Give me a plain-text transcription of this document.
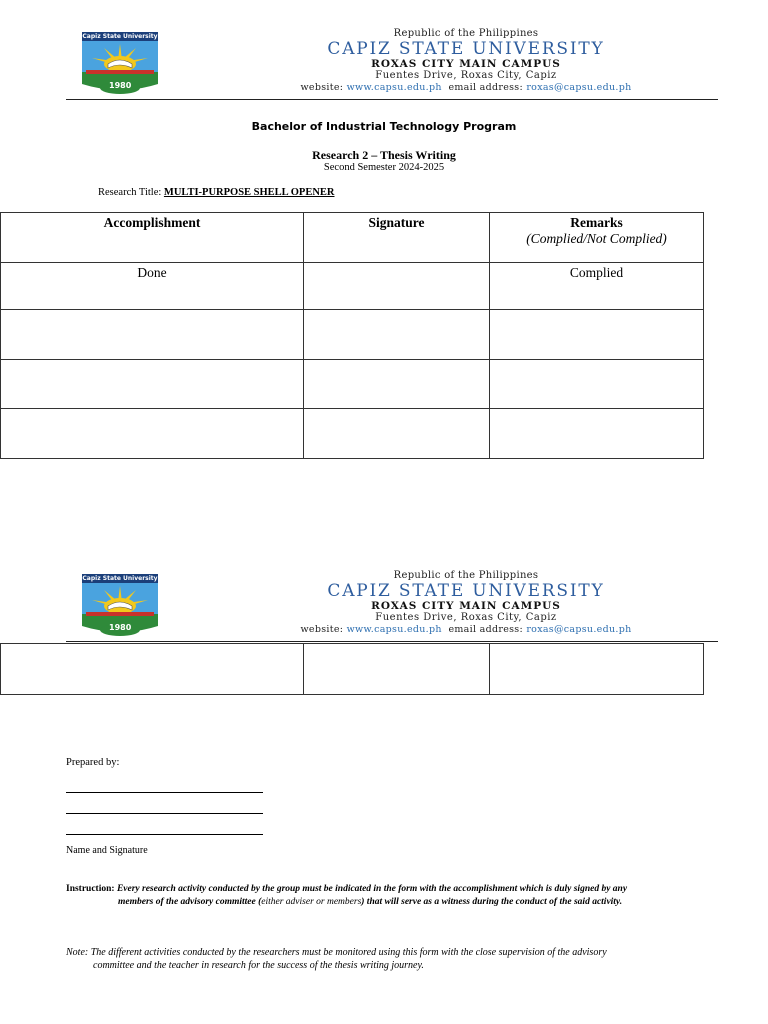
Capiz State University
1980
Republic of the Philippines
CAPIZ STATE UNIVERSITY
ROXAS CITY MAIN CAMPUS
Fuentes Drive, Roxas City, Capiz
website: www.capsu.edu.ph email address: roxas@capsu.edu.ph
Bachelor of Industrial Technology Program
Research 2 – Thesis Writing
Second Semester 2024-2025
Research Title: MULTI-PURPOSE SHELL OPENER
Accomplishment	Signature	Remarks
(Complied/Not Complied)

Done		Complied

Capiz State University
1980
Republic of the Philippines
CAPIZ STATE UNIVERSITY
ROXAS CITY MAIN CAMPUS
Fuentes Drive, Roxas City, Capiz
website: www.capsu.edu.ph email address: roxas@capsu.edu.ph

Prepared by:
Name and Signature
Instruction: Every research activity conducted by the group must be indicated in the form with the accomplishment which is duly signed by any
members of the advisory committee (either adviser or members) that will serve as a witness during the conduct of the said activity.
Note: The different activities conducted by the researchers must be monitored using this form with the close supervision of the advisory
committee and the teacher in research for the success of the thesis writing journey.
